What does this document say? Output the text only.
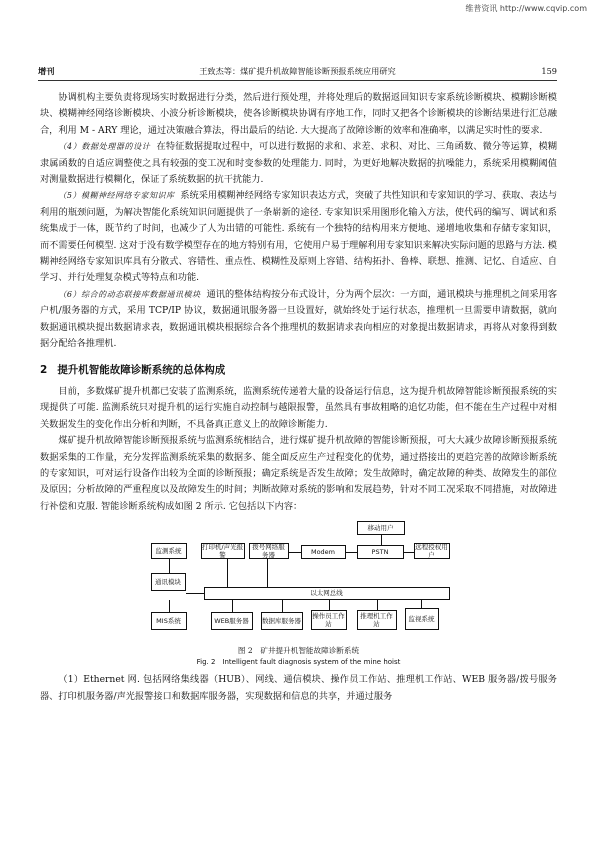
维普资讯 http://www.cqvip.com
增刊	王致杰等：煤矿提升机故障智能诊断预报系统应用研究	159

协调机构主要负责将现场实时数据进行分类，然后进行预处理，并将处理后的数据返回知识专家系统诊断模块、模糊诊断模块、模糊神经网络诊断模块、小波分析诊断模块，使各诊断模块协调有序地工作，同时又把各个诊断模块的诊断结果进行汇总融合，利用 M - ARY 理论，通过决策融合算法，得出最后的结论. 大大提高了故障诊断的效率和准确率，以满足实时性的要求.

（4）数据处理器的设计 在特征数据提取过程中，可以进行数据的求和、求差、求积、对比、三角函数、微分等运算，模糊隶属函数的自适应调整使之具有较强的变工况和时变参数的处理能力. 同时，为更好地解决数据的抗噪能力，系统采用模糊阈值对测量数据进行模糊化，保证了系统数据的抗干扰能力.

（5）模糊神经网络专家知识库 系统采用模糊神经网络专家知识表达方式，突破了共性知识和专家知识的学习、获取、表达与利用的瓶颈问题，为解决智能化系统知识问题提供了一条崭新的途径. 专家知识采用图形化输入方法，使代码的编写、调试和系统集成于一体，既节约了时间，也减少了人为出错的可能性. 系统有一个独特的结构用来方便地、递增地收集和存储专家知识，而不需要任何模型. 这对于没有数学模型存在的地方特别有用，它使用户易于理解利用专家知识来解决实际问题的思路与方法. 模糊神经网络专家知识库具有分散式、容错性、重点性、模糊性及原则上容错、结构拓扑、鲁棒、联想、推测、记忆、自适应、自学习、并行处理复杂模式等特点和功能.

（6）综合的动态联接库数据通讯模块 通讯的整体结构按分布式设计，分为两个层次：一方面，通讯模块与推理机之间采用客户机/服务器的方式，采用 TCP/IP 协议，数据通讯服务器一旦设置好，就始终处于运行状态，推理机一旦需要申请数据，就向数据通讯模块提出数据请求表，数据通讯模块根据综合各个推理机的数据请求表向相应的对象提出数据请求，再将从对象得到数据分配给各推理机.

2 提升机智能故障诊断系统的总体构成

目前，多数煤矿提升机都已安装了监测系统，监测系统传递着大量的设备运行信息，这为提升机故障智能诊断预报系统的实现提供了可能. 监测系统只对提升机的运行实施自动控制与越限报警，虽然具有事故粗略的追忆功能，但不能在生产过程中对相关数据发生的变化作出分析和判断，不具备真正意义上的故障诊断能力.

煤矿提升机故障智能诊断预报系统与监测系统相结合，进行煤矿提升机故障的智能诊断预报，可大大减少故障诊断预报系统数据采集的工作量，充分发挥监测系统采集的数据多、能全面反应生产过程变化的优势，通过搭接出的更趋完善的故障诊断系统的专家知识，可对运行设备作出较为全面的诊断预报；确定系统是否发生故障；发生故障时，确定故障的种类、故障发生的部位及原因；分析故障的严重程度以及故障发生的时间；判断故障对系统的影响和发展趋势，针对不同工况采取不同措施，对故障进行补偿和克服. 智能诊断系统构成如图 2 所示. 它包括以下内容：

移动用户
监测系统	打印机/声光报警
拨号网络服务器	Modem	PSTN
远程授权用户
通讯模块
以太网总线
MIS系统	WEB服务器 数据库服务器
操作员工作站
推理机工作站
监视系统
图 2　矿井提升机智能故障诊断系统
Fig. 2　Intelligent fault diagnosis system of the mine hoist

（1）Ethernet 网. 包括网络集线器（HUB）、网线、通信模块、操作员工作站、推理机工作站、WEB 服务器/拨号服务器、打印机服务器/声光报警接口和数据库服务器，实现数据和信息的共享，并通过服务
